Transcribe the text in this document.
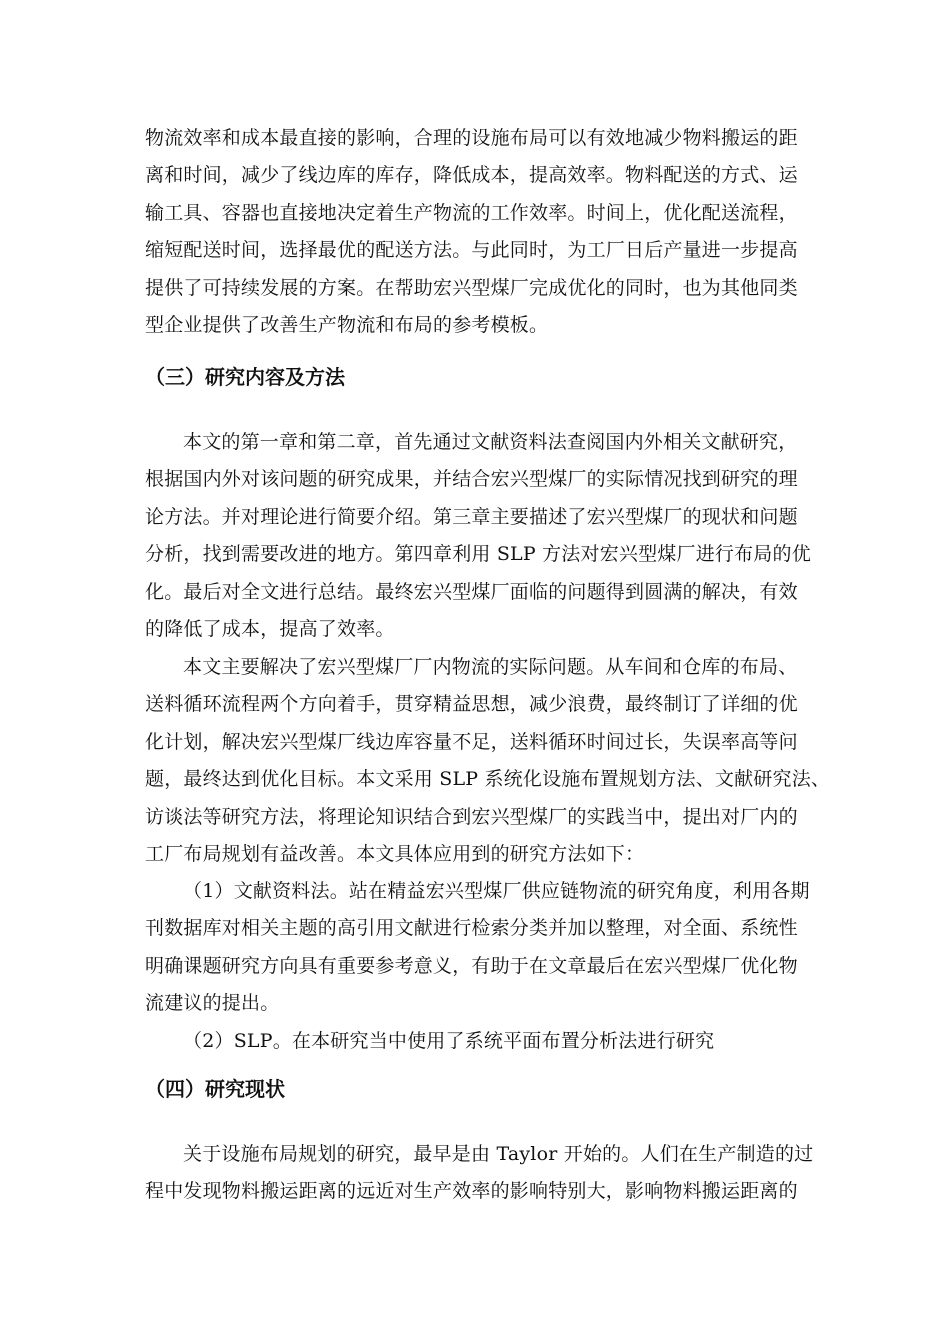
物流效率和成本最直接的影响，合理的设施布局可以有效地减少物料搬运的距
离和时间，减少了线边库的库存，降低成本，提高效率。物料配送的方式、运
输工具、容器也直接地决定着生产物流的工作效率。时间上，优化配送流程，
缩短配送时间，选择最优的配送方法。与此同时，为工厂日后产量进一步提高
提供了可持续发展的方案。在帮助宏兴型煤厂完成优化的同时，也为其他同类
型企业提供了改善生产物流和布局的参考模板。
（三）研究内容及方法
本文的第一章和第二章，首先通过文献资料法查阅国内外相关文献研究，
根据国内外对该问题的研究成果，并结合宏兴型煤厂的实际情况找到研究的理
论方法。并对理论进行简要介绍。第三章主要描述了宏兴型煤厂的现状和问题
分析，找到需要改进的地方。第四章利用 SLP 方法对宏兴型煤厂进行布局的优
化。最后对全文进行总结。最终宏兴型煤厂面临的问题得到圆满的解决，有效
的降低了成本，提高了效率。
本文主要解决了宏兴型煤厂厂内物流的实际问题。从车间和仓库的布局、
送料循环流程两个方向着手，贯穿精益思想，减少浪费，最终制订了详细的优
化计划，解决宏兴型煤厂线边库容量不足，送料循环时间过长，失误率高等问
题，最终达到优化目标。本文采用 SLP 系统化设施布置规划方法、文献研究法、
访谈法等研究方法，将理论知识结合到宏兴型煤厂的实践当中，提出对厂内的
工厂布局规划有益改善。本文具体应用到的研究方法如下：
（1）文献资料法。站在精益宏兴型煤厂供应链物流的研究角度，利用各期
刊数据库对相关主题的高引用文献进行检索分类并加以整理，对全面、系统性
明确课题研究方向具有重要参考意义，有助于在文章最后在宏兴型煤厂优化物
流建议的提出。
（2）SLP。在本研究当中使用了系统平面布置分析法进行研究
（四）研究现状
关于设施布局规划的研究，最早是由 Taylor 开始的。人们在生产制造的过
程中发现物料搬运距离的远近对生产效率的影响特别大，影响物料搬运距离的
